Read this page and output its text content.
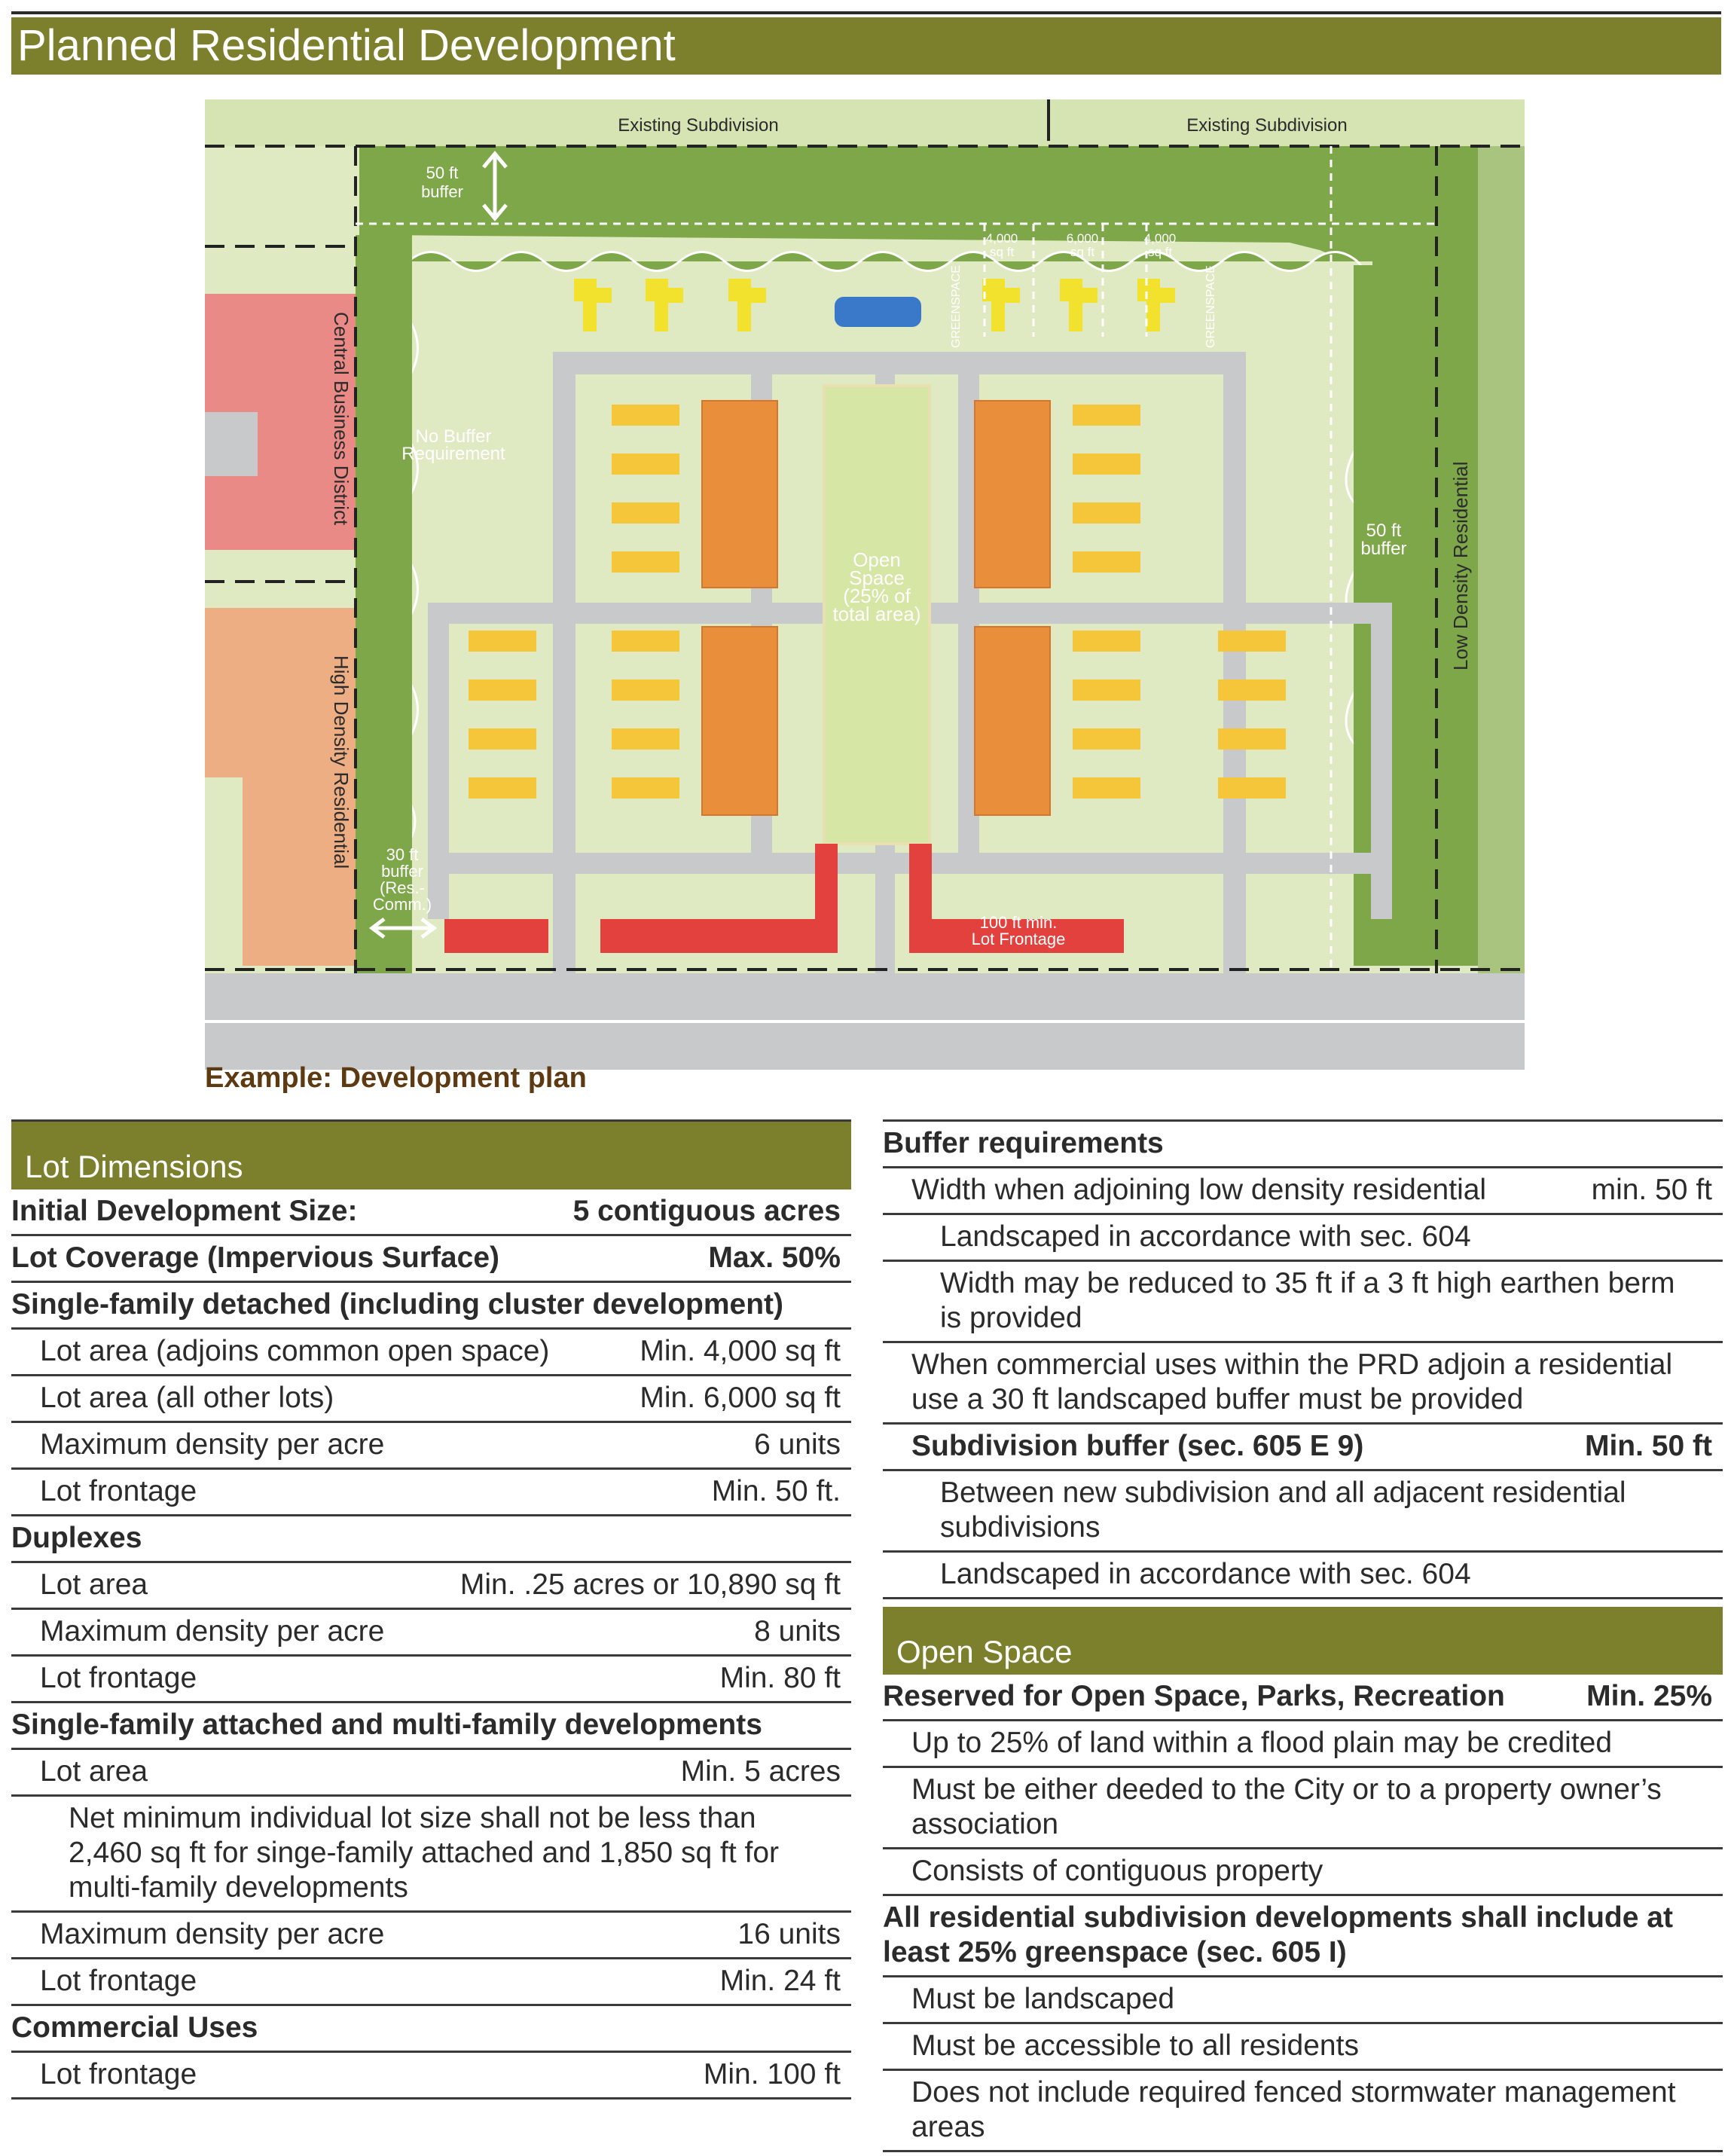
Planned Residential Development
Existing Subdivision	Existing Subdivision
50 ft
buffer
4,000
sq ft
6,000
sq ft
4,000
sq ft
GREENSPACE	GREENSPACE
Central Business District
High Density Residential
Low Density Residential
No Buffer
Requirement
Open
Space
(25% of
total area)
50 ft
buffer
30 ft
buffer
(Res.-
Comm.)
100 ft min.
Lot Frontage
Example: Development plan
Lot Dimensions
Initial Development Size:	5 contiguous acres
Lot Coverage (Impervious Surface)	Max. 50%
Single-family detached (including cluster development)
Lot area (adjoins common open space)	Min. 4,000 sq ft
Lot area (all other lots)	Min. 6,000 sq ft
Maximum density per acre	6 units
Lot frontage	Min. 50 ft.
Duplexes
Lot area	Min. .25 acres or 10,890 sq ft
Maximum density per acre	8 units
Lot frontage	Min. 80 ft
Single-family attached and multi-family developments
Lot area	Min. 5 acres
Net minimum individual lot size shall not be less than 2,460 sq ft for singe-family attached and 1,850 sq ft for multi-family developments
Maximum density per acre	16 units
Lot frontage	Min. 24 ft
Commercial Uses
Lot frontage	Min. 100 ft
Buffer requirements
Width when adjoining low density residential	min. 50 ft
Landscaped in accordance with sec. 604
Width may be reduced to 35 ft if a 3 ft high earthen berm is provided
When commercial uses within the PRD adjoin a residential use a 30 ft landscaped buffer must be provided
Subdivision buffer (sec. 605 E 9)	Min. 50 ft
Between new subdivision and all adjacent residential subdivisions
Landscaped in accordance with sec. 604
Open Space
Reserved for Open Space, Parks, Recreation	Min. 25%
Up to 25% of land within a flood plain may be credited
Must be either deeded to the City or to a property owner’s association
Consists of contiguous property
All residential subdivision developments shall include at least 25% greenspace (sec. 605 I)
Must be landscaped
Must be accessible to all residents
Does not include required fenced stormwater management areas
